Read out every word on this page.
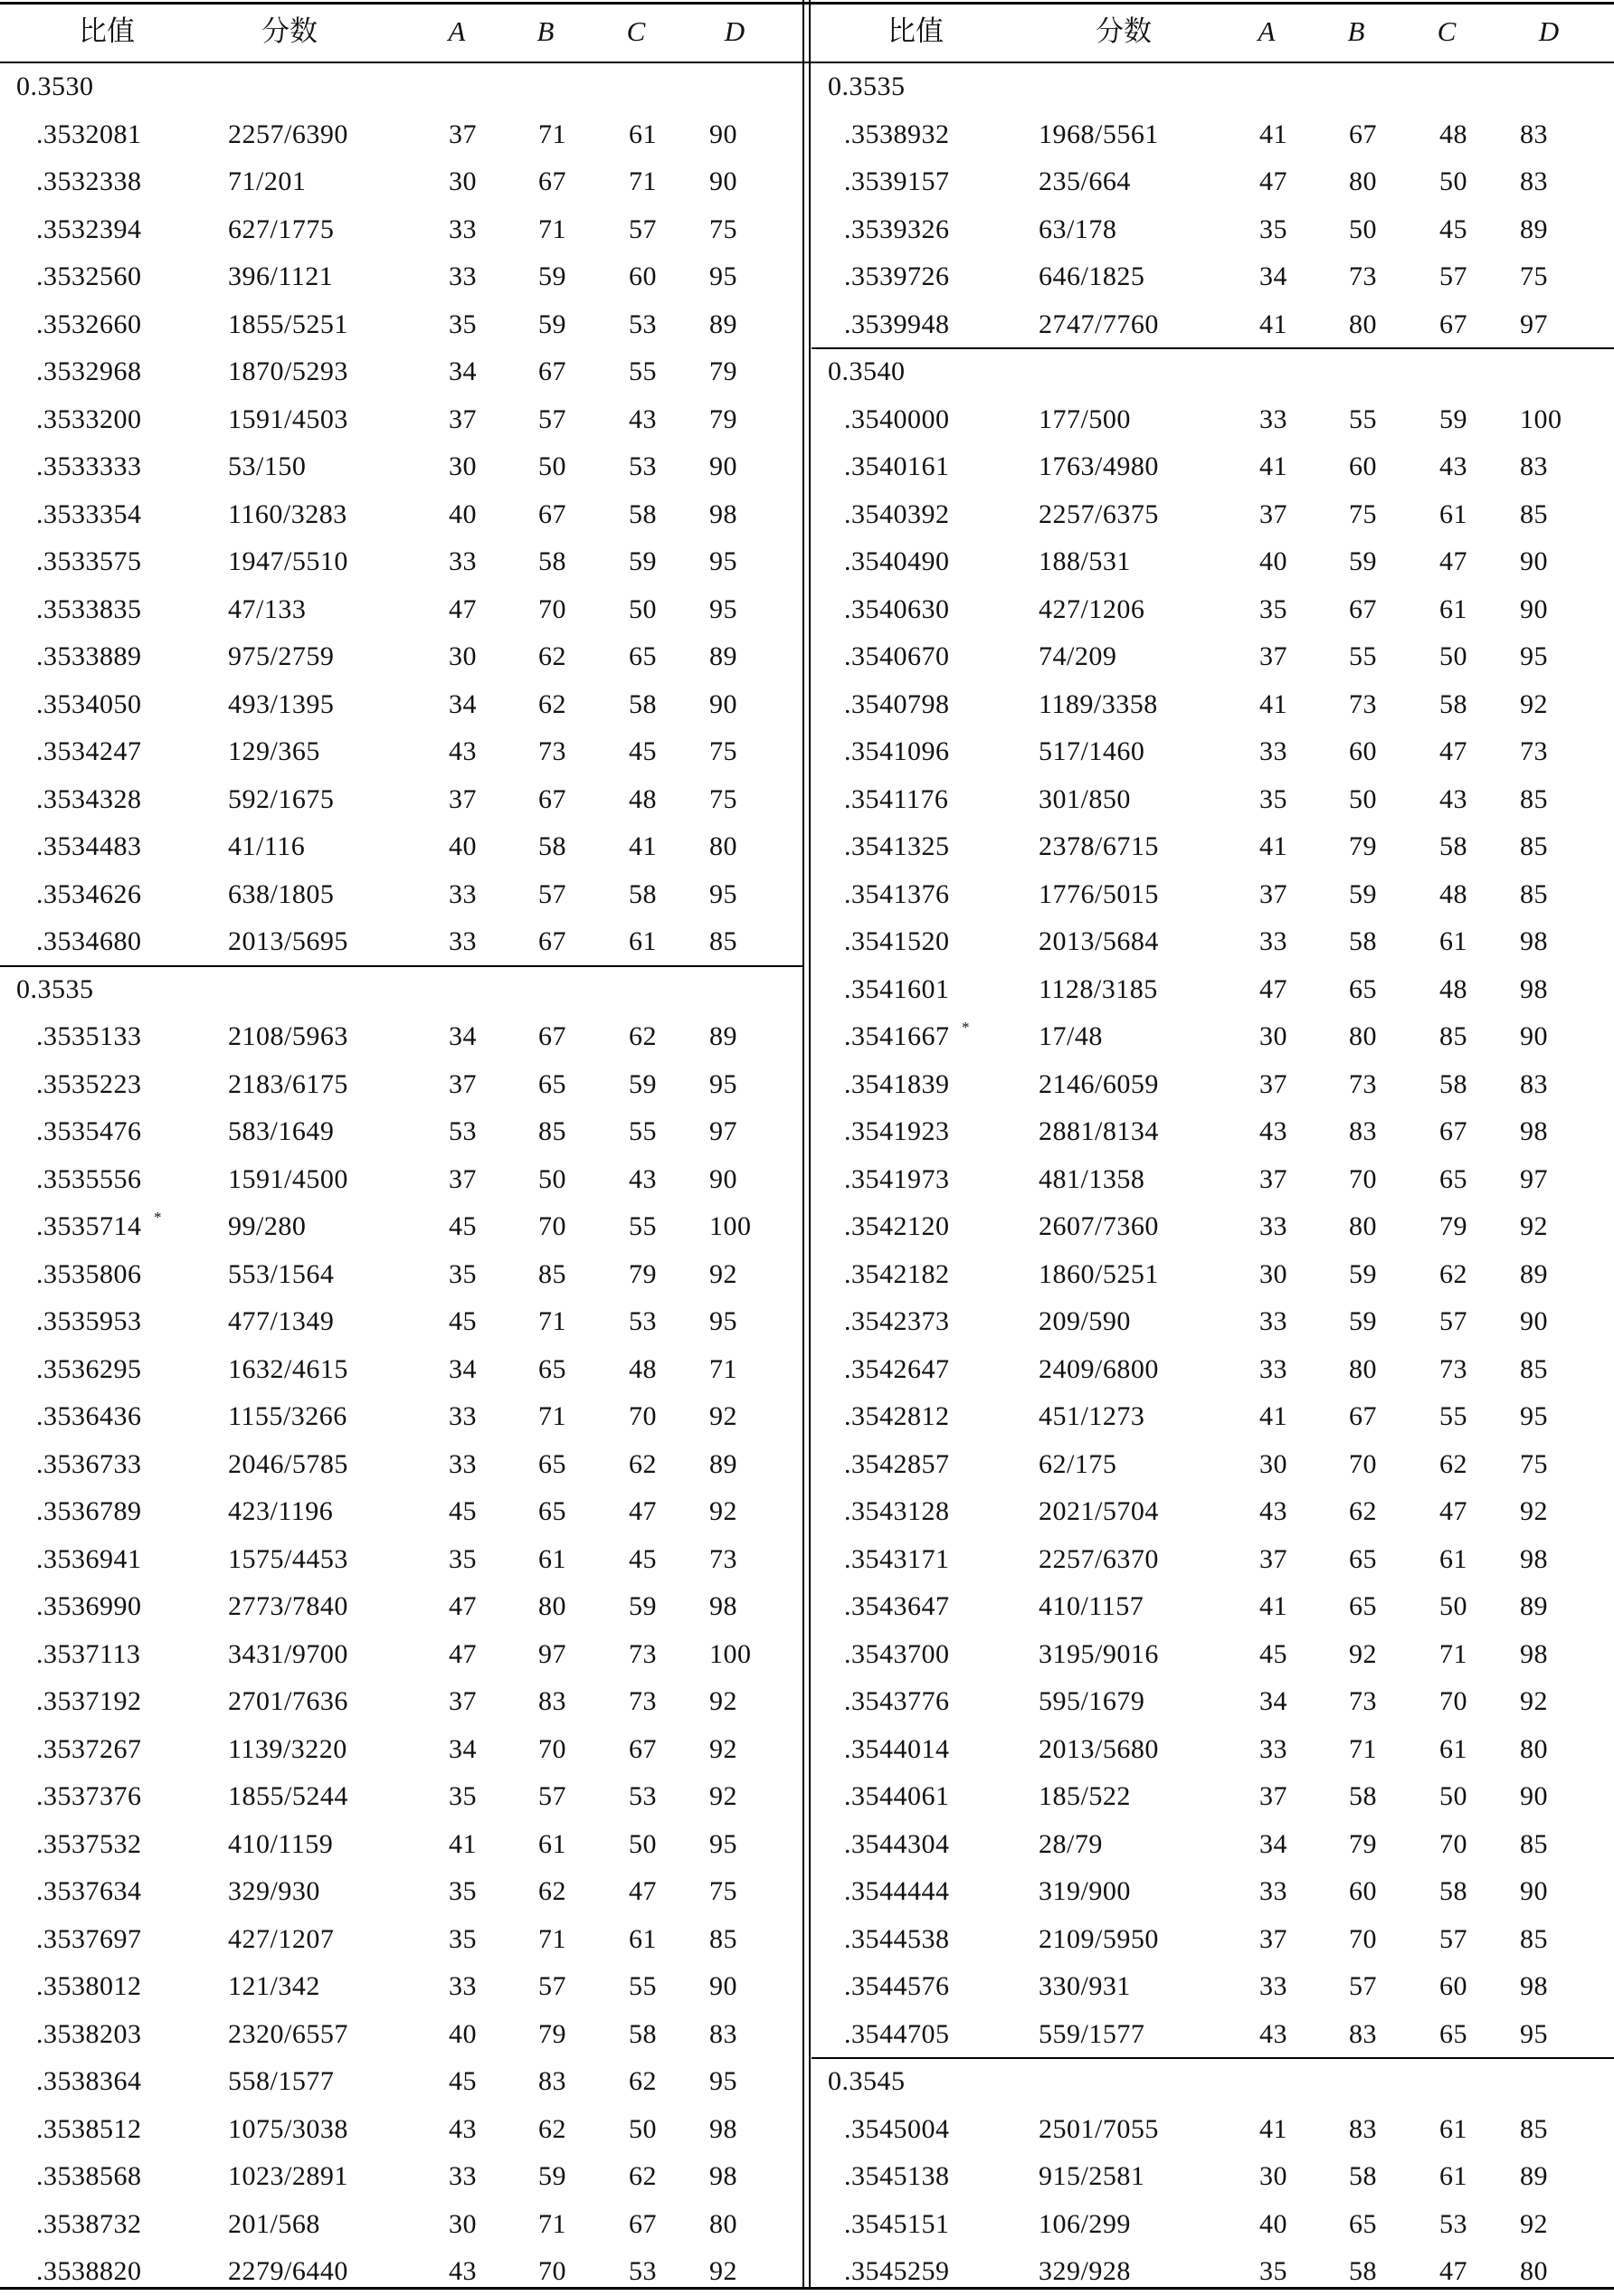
比值	分数	A	B	C	D
0.3530
.3532081	2257/6390	37 71 61 90
.3532338	71/201	30 67 71 90
.3532394	627/1775	33 71 57 75
.3532560	396/1121	33 59 60 95
.3532660	1855/5251	35 59 53 89
.3532968	1870/5293	34 67 55 79
.3533200	1591/4503	37 57 43 79
.3533333	53/150	30 50 53 90
.3533354	1160/3283	40 67 58 98
.3533575	1947/5510	33 58 59 95
.3533835	47/133	47 70 50 95
.3533889	975/2759	30 62 65 89
.3534050	493/1395	34 62 58 90
.3534247	129/365	43 73 45 75
.3534328	592/1675	37 67 48 75
.3534483	41/116	40 58 41 80
.3534626	638/1805	33 57 58 95
.3534680	2013/5695	33 67 61 85
0.3535
.3535133	2108/5963	34 67 62 89
.3535223	2183/6175	37 65 59 95
.3535476	583/1649	53 85 55 97
.3535556	1591/4500	37 50 43 90
.3535714 * 99/280	45 70 55 100
.3535806	553/1564	35 85 79 92
.3535953	477/1349	45 71 53 95
.3536295	1632/4615	34 65 48 71
.3536436	1155/3266	33 71 70 92
.3536733	2046/5785	33 65 62 89
.3536789	423/1196	45 65 47 92
.3536941	1575/4453	35 61 45 73
.3536990	2773/7840	47 80 59 98
.3537113	3431/9700	47 97 73 100
.3537192	2701/7636	37 83 73 92
.3537267	1139/3220	34 70 67 92
.3537376	1855/5244	35 57 53 92
.3537532	410/1159	41 61 50 95
.3537634	329/930	35 62 47 75
.3537697	427/1207	35 71 61 85
.3538012	121/342	33 57 55 90
.3538203	2320/6557	40 79 58 83
.3538364	558/1577	45 83 62 95
.3538512	1075/3038	43 62 50 98
.3538568	1023/2891	33 59 62 98
.3538732	201/568	30 71 67 80
.3538820	2279/6440	43 70 53 92
比值	分数	A	B	C	D
0.3535
.3538932	1968/5561	41 67 48 83
.3539157	235/664	47 80 50 83
.3539326	63/178	35 50 45 89
.3539726	646/1825	34 73 57 75
.3539948	2747/7760	41 80 67 97
0.3540
.3540000	177/500	33 55 59 100
.3540161	1763/4980	41 60 43 83
.3540392	2257/6375	37 75 61 85
.3540490	188/531	40 59 47 90
.3540630	427/1206	35 67 61 90
.3540670	74/209	37 55 50 95
.3540798	1189/3358	41 73 58 92
.3541096	517/1460	33 60 47 73
.3541176	301/850	35 50 43 85
.3541325	2378/6715	41 79 58 85
.3541376	1776/5015	37 59 48 85
.3541520	2013/5684	33 58 61 98
.3541601	1128/3185	47 65 48 98
.3541667 *	17/48	30 80 85 90
.3541839	2146/6059	37 73 58 83
.3541923	2881/8134	43 83 67 98
.3541973	481/1358	37 70 65 97
.3542120	2607/7360	33 80 79 92
.3542182	1860/5251	30 59 62 89
.3542373	209/590	33 59 57 90
.3542647	2409/6800	33 80 73 85
.3542812	451/1273	41 67 55 95
.3542857	62/175	30 70 62 75
.3543128	2021/5704	43 62 47 92
.3543171	2257/6370	37 65 61 98
.3543647	410/1157	41 65 50 89
.3543700	3195/9016	45 92 71 98
.3543776	595/1679	34 73 70 92
.3544014	2013/5680	33 71 61 80
.3544061	185/522	37 58 50 90
.3544304	28/79	34 79 70 85
.3544444	319/900	33 60 58 90
.3544538	2109/5950	37 70 57 85
.3544576	330/931	33 57 60 98
.3544705	559/1577	43 83 65 95
0.3545
.3545004	2501/7055	41 83 61 85
.3545138	915/2581	30 58 61 89
.3545151	106/299	40 65 53 92
.3545259	329/928	35 58 47 80
